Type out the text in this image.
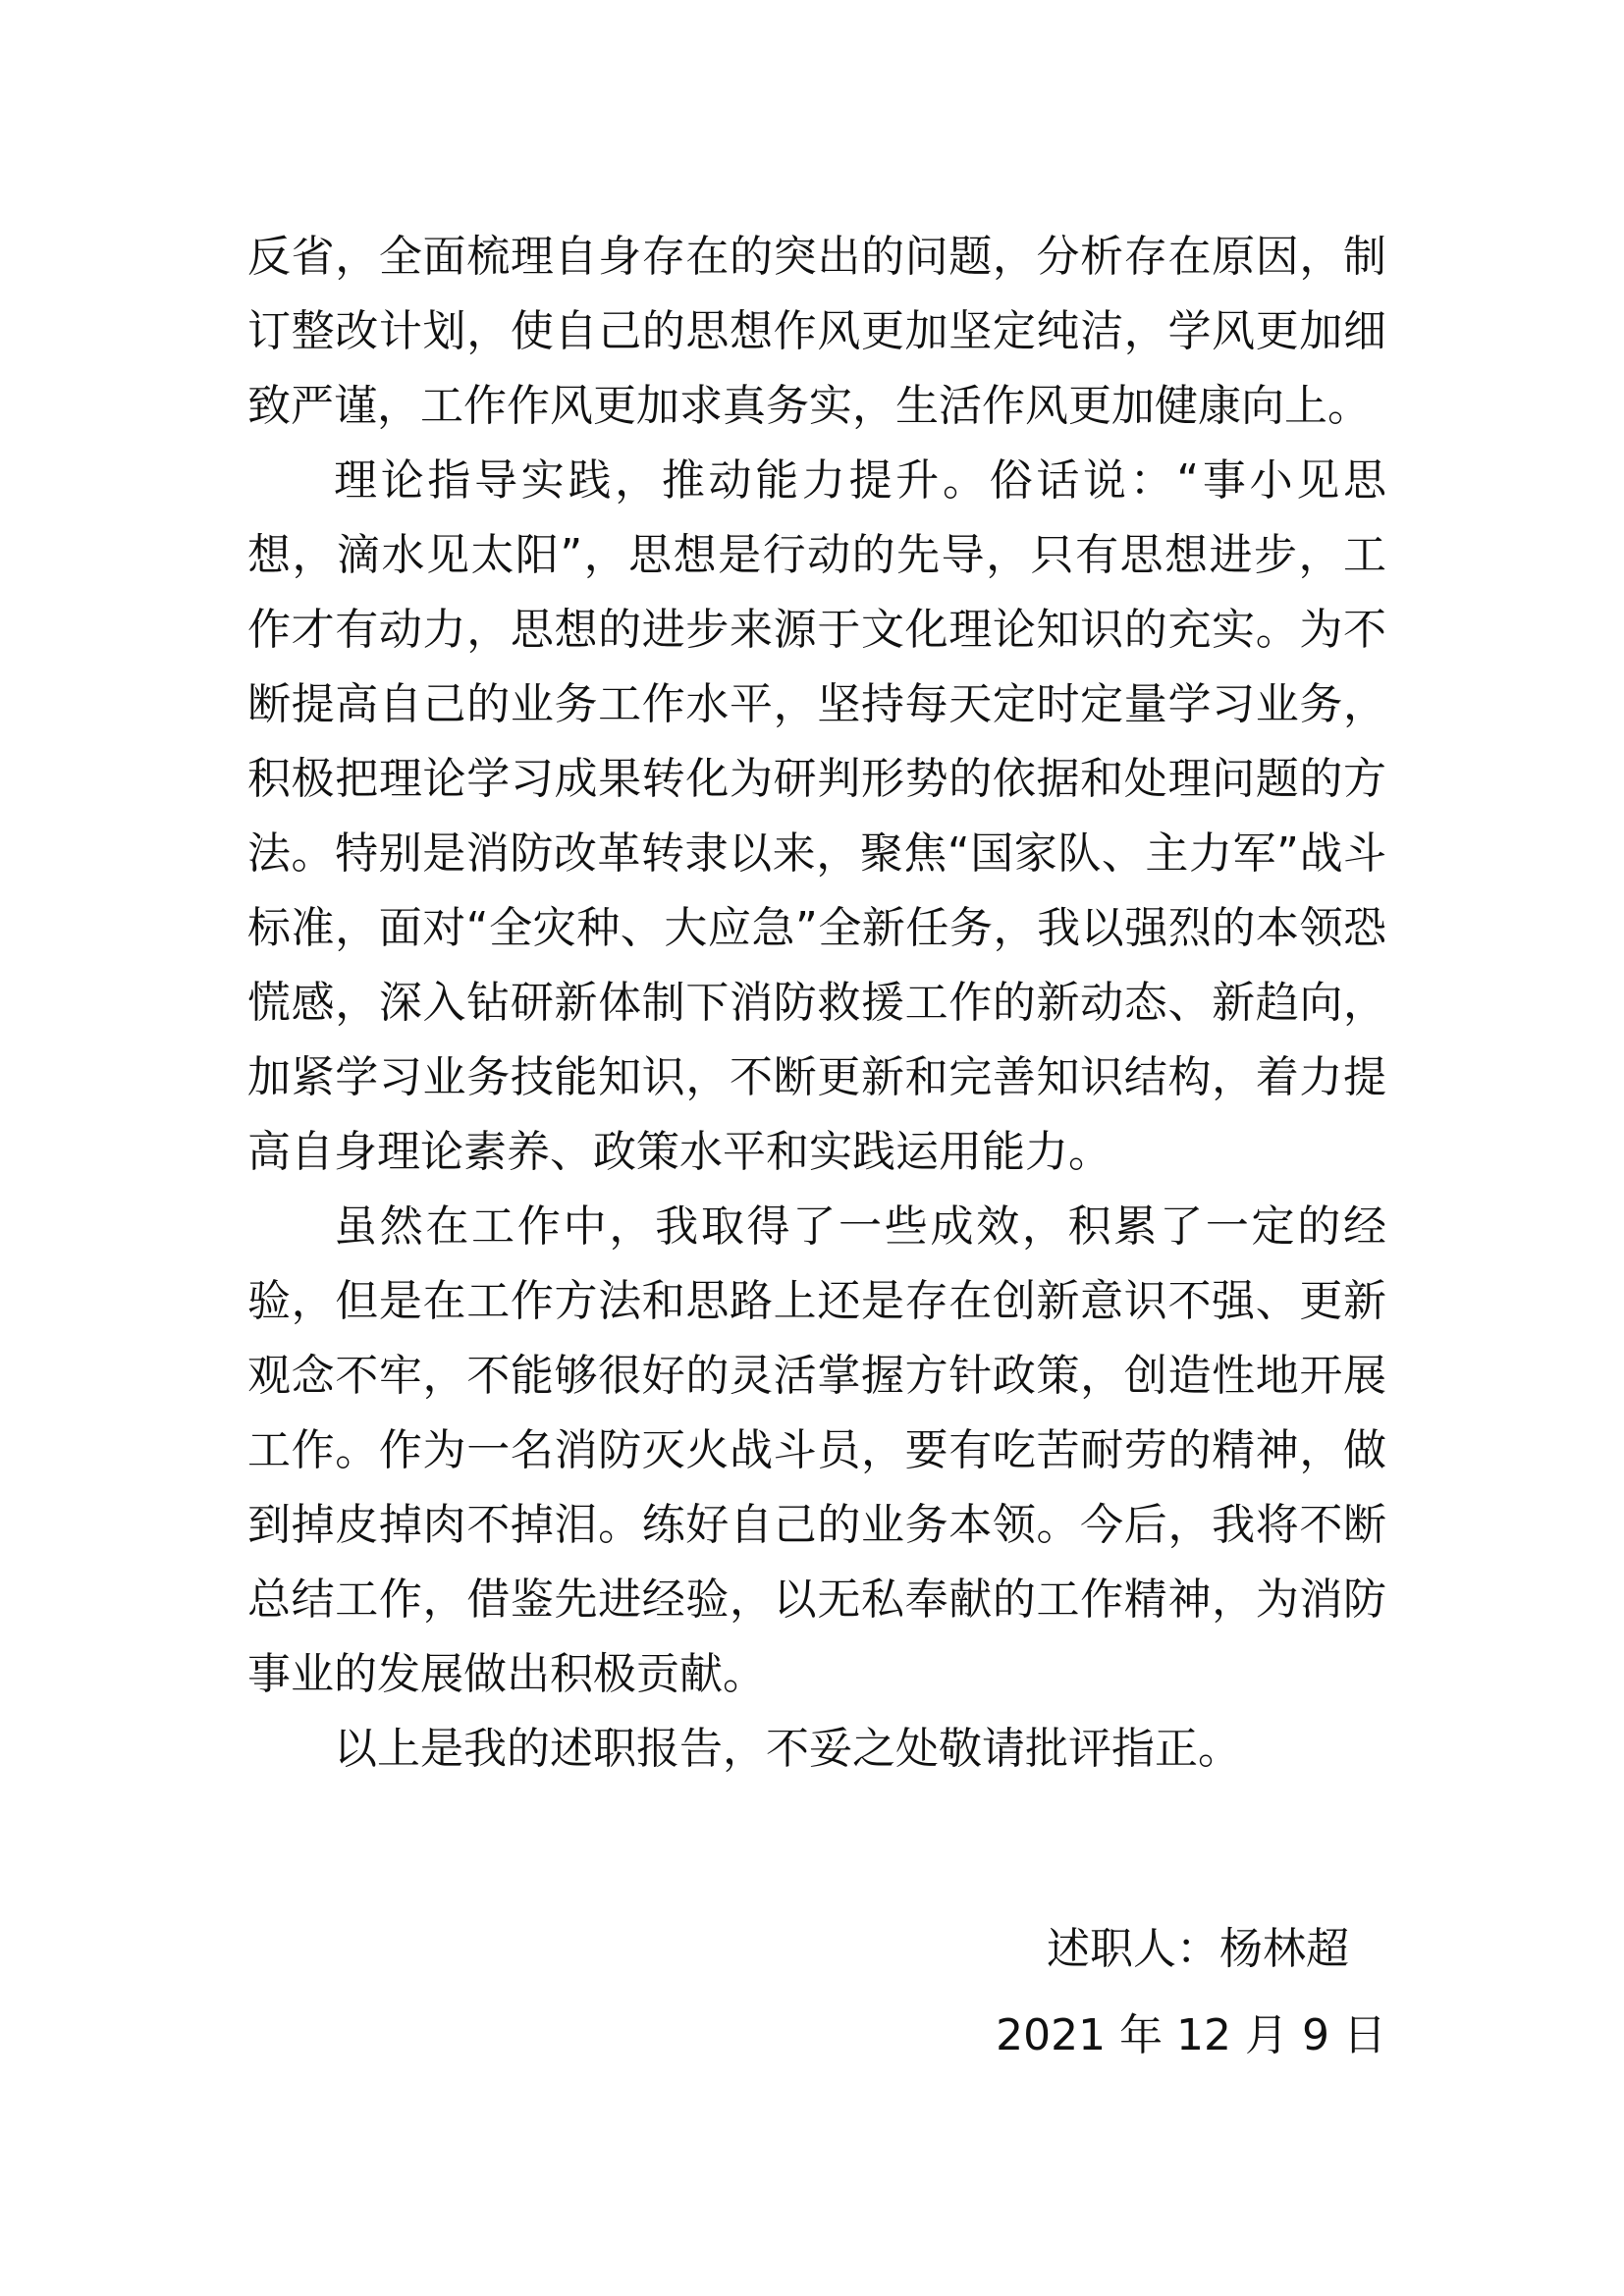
反省，全面梳理自身存在的突出的问题，分析存在原因，制订整改计划，使自己的思想作风更加坚定纯洁，学风更加细致严谨，工作作风更加求真务实，生活作风更加健康向上。

理论指导实践，推动能力提升。俗话说：“事小见思想，滴水见太阳”，思想是行动的先导，只有思想进步，工作才有动力，思想的进步来源于文化理论知识的充实。为不断提高自己的业务工作水平，坚持每天定时定量学习业务，积极把理论学习成果转化为研判形势的依据和处理问题的方法。特别是消防改革转隶以来，聚焦“国家队、主力军”战斗标准，面对“全灾种、大应急”全新任务，我以强烈的本领恐慌感，深入钻研新体制下消防救援工作的新动态、新趋向，加紧学习业务技能知识，不断更新和完善知识结构，着力提高自身理论素养、政策水平和实践运用能力。

虽然在工作中，我取得了一些成效，积累了一定的经验，但是在工作方法和思路上还是存在创新意识不强、更新观念不牢，不能够很好的灵活掌握方针政策，创造性地开展工作。作为一名消防灭火战斗员，要有吃苦耐劳的精神，做到掉皮掉肉不掉泪。练好自己的业务本领。今后，我将不断总结工作，借鉴先进经验，以无私奉献的工作精神，为消防事业的发展做出积极贡献。

以上是我的述职报告，不妥之处敬请批评指正。

述职人：杨林超
2021 年 12 月 9 日
